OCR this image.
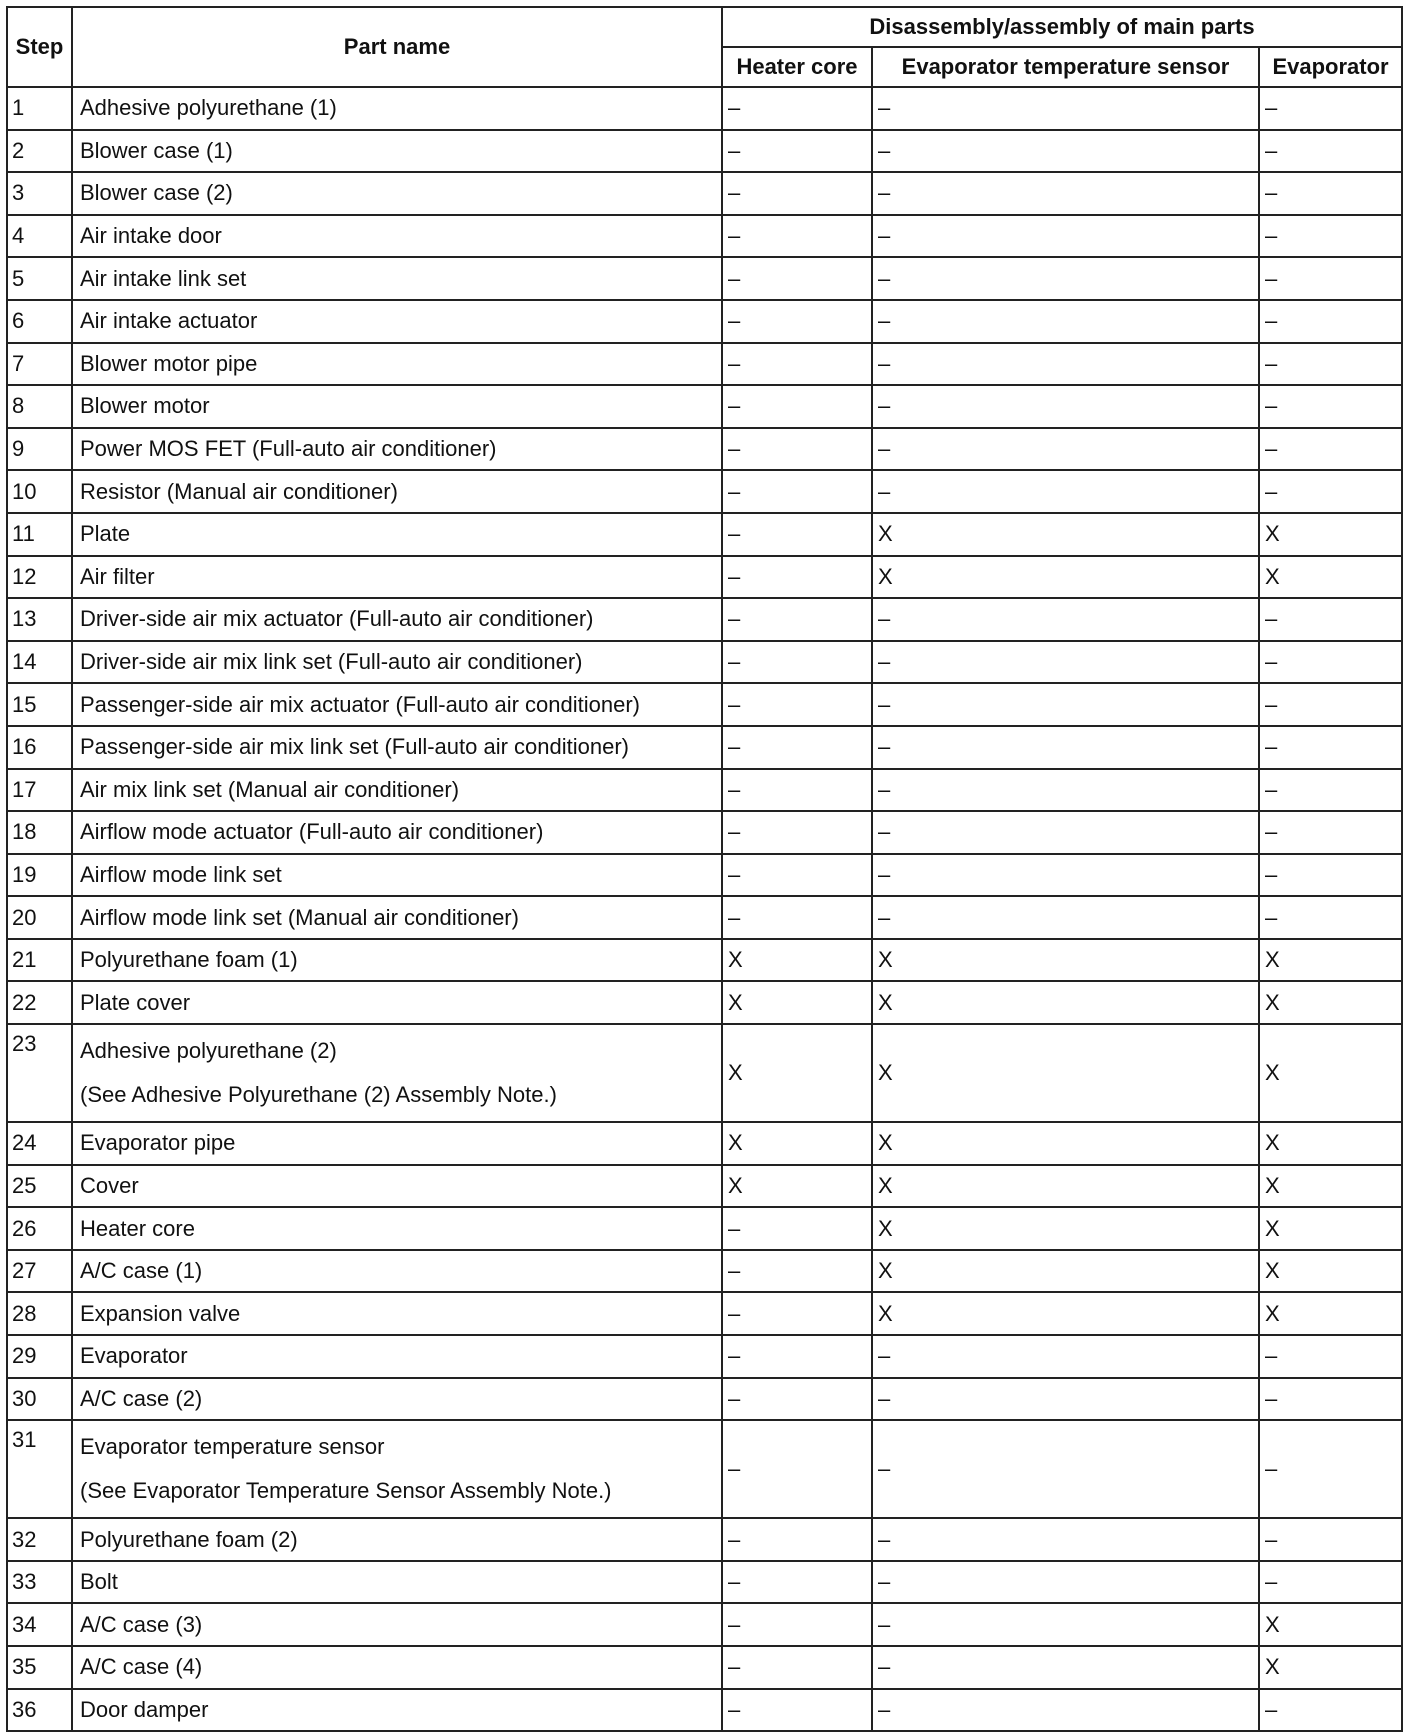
Step	Part name	Disassembly/assembly of main parts		
		Heater core	Evaporator temperature sensor	Evaporator
1	Adhesive polyurethane (1)	–	–	–
2	Blower case (1)	–	–	–
3	Blower case (2)	–	–	–
4	Air intake door	–	–	–
5	Air intake link set	–	–	–
6	Air intake actuator	–	–	–
7	Blower motor pipe	–	–	–
8	Blower motor	–	–	–
9	Power MOS FET (Full-auto air conditioner)	–	–	–
10	Resistor (Manual air conditioner)	–	–	–
11	Plate	–	X	X
12	Air filter	–	X	X
13	Driver-side air mix actuator (Full-auto air conditioner)	–	–	–
14	Driver-side air mix link set (Full-auto air conditioner)	–	–	–
15	Passenger-side air mix actuator (Full-auto air conditioner)	–	–	–
16	Passenger-side air mix link set (Full-auto air conditioner)	–	–	–
17	Air mix link set (Manual air conditioner)	–	–	–
18	Airflow mode actuator (Full-auto air conditioner)	–	–	–
19	Airflow mode link set	–	–	–
20	Airflow mode link set (Manual air conditioner)	–	–	–
21	Polyurethane foam (1)	X	X	X
22	Plate cover	X	X	X
23	Adhesive polyurethane (2)
(See Adhesive Polyurethane (2) Assembly Note.)	X	X	X
24	Evaporator pipe	X	X	X
25	Cover	X	X	X
26	Heater core	–	X	X
27	A/C case (1)	–	X	X
28	Expansion valve	–	X	X
29	Evaporator	–	–	–
30	A/C case (2)	–	–	–
31	Evaporator temperature sensor
(See Evaporator Temperature Sensor Assembly Note.)	–	–	–
32	Polyurethane foam (2)	–	–	–
33	Bolt	–	–	–
34	A/C case (3)	–	–	X
35	A/C case (4)	–	–	X
36	Door damper	–	–	–
